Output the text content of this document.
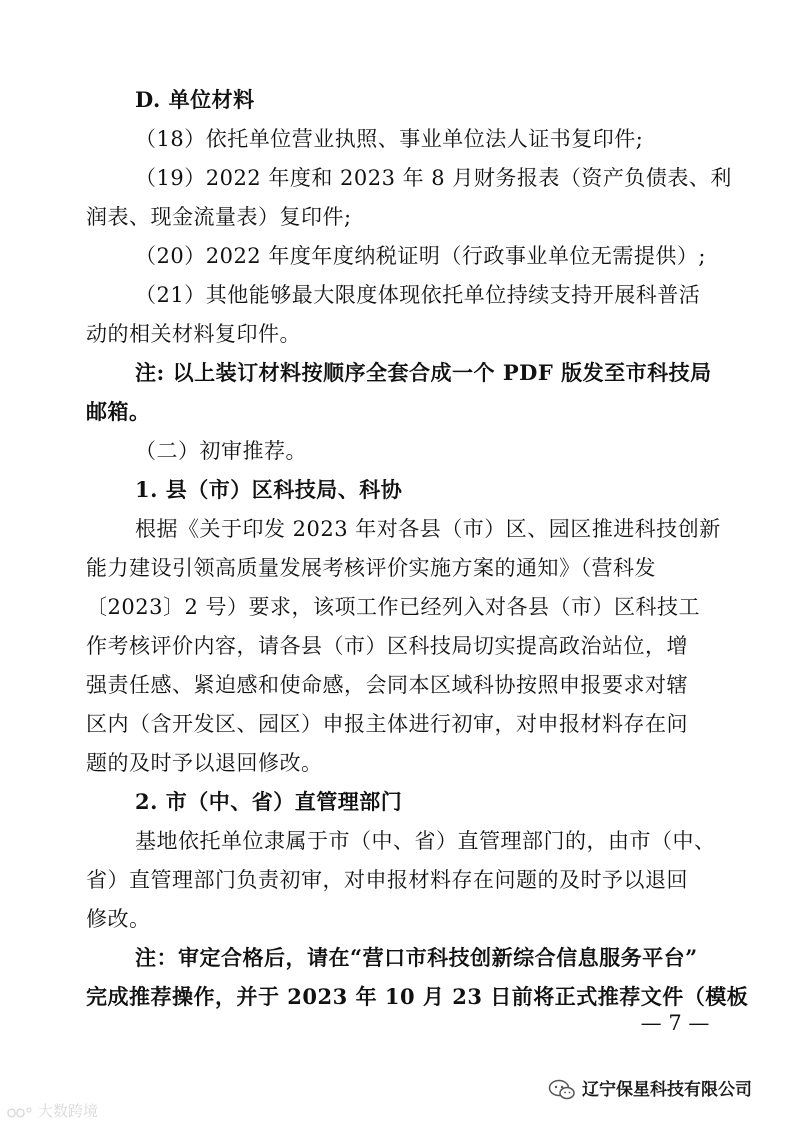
D. 单位材料
（18）依托单位营业执照、事业单位法人证书复印件;
（19）2022 年度和 2023 年 8 月财务报表（资产负债表、利
润表、现金流量表）复印件;
（20）2022 年度年度纳税证明（行政事业单位无需提供）;
（21）其他能够最大限度体现依托单位持续支持开展科普活
动的相关材料复印件。
注: 以上装订材料按顺序全套合成一个 PDF 版发至市科技局
邮箱。
（二）初审推荐。
1. 县（市）区科技局、科协
根据《关于印发 2023 年对各县（市）区、园区推进科技创新
能力建设引领高质量发展考核评价实施方案的通知》（营科发
〔2023〕2 号）要求，该项工作已经列入对各县（市）区科技工
作考核评价内容，请各县（市）区科技局切实提高政治站位，增
强责任感、紧迫感和使命感，会同本区域科协按照申报要求对辖
区内（含开发区、园区）申报主体进行初审，对申报材料存在问
题的及时予以退回修改。
2. 市（中、省）直管理部门
基地依托单位隶属于市（中、省）直管理部门的，由市（中、
省）直管理部门负责初审，对申报材料存在问题的及时予以退回
修改。
注：审定合格后，请在“营口市科技创新综合信息服务平台”
完成推荐操作，并于 2023 年 10 月 23 日前将正式推荐文件（模板
— 7 —
辽宁保星科技有限公司
大数跨境
